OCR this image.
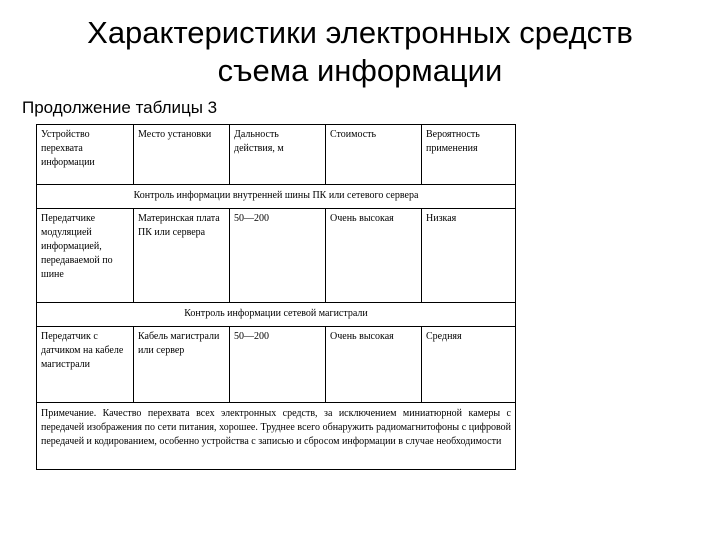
Характеристики электронных средств
съема информации
Продолжение таблицы 3
Устройство перехвата информации	Место установки	Дальность действия, м	Стоимость	Вероятность применения
Контроль информации внутренней шины ПК или сетевого сервера				
Передатчике модуляцией информацией, передаваемой по шине	Материнская плата ПК или сервера	50—200	Очень высокая	Низкая
Контроль информации сетевой магистрали				
Передатчик с датчиком на кабеле магистрали	Кабель магистрали или сервер	50—200	Очень высокая	Средняя
Примечание. Качество перехвата всех электронных средств, за исключением миниатюрной камеры с передачей изображения по сети питания, хорошее. Труднее всего обнаружить радиомагнитофоны с цифровой передачей и кодированием, особенно устройства с записью и сбросом информации в случае необходимости				
